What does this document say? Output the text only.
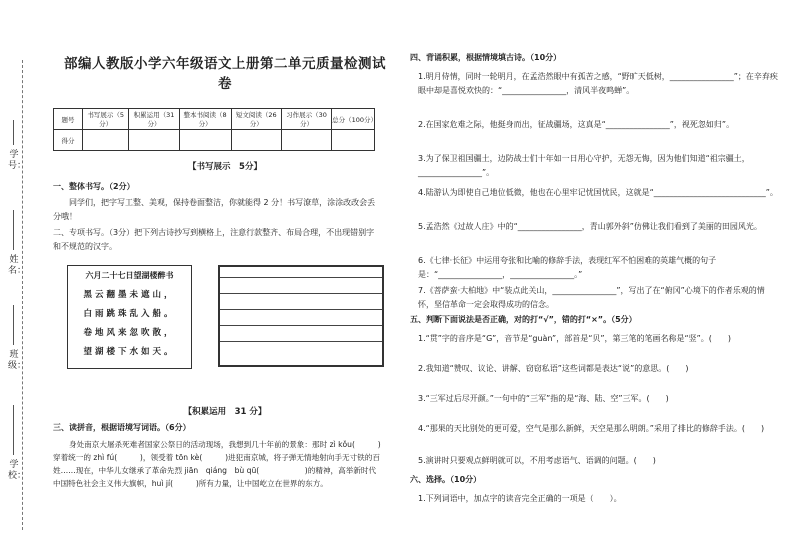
学号：
姓名：
班级：
学校：
部编人教版小学六年级语文上册第二单元质量检测试卷
题号	书写展示（5分）	积累运用（31分）	整本书阅读（8分）	短文阅读（26分）	习作展示（30分）	总分（100分）
得分						
【书写展示　5分】
一、整体书写。（2分）
同学们，把字写工整、美观，保持卷面整洁，你就能得 2 分！书写潦草，涂涂改改会丢分哦！
二、专项书写。（3分）把下列古诗抄写到横格上，注意行款整齐、布局合理，不出现错别字和不规范的汉字。
六月二十七日望湖楼醉书
黑云翻墨未遮山，
白雨跳珠乱入船。
卷地风来忽吹散，
望湖楼下水如天。
【积累运用　31 分】
三、读拼音，根据语境写词语。（6分）
身处南京大屠杀死难者国家公祭日的活动现场，我想到几十年前的景象：那时 zì kǒu(　　　)穿着统一的 zhì fú(　　　)，领受着 tōn kè(　　　)进犯南京城，将子弹无情地射向手无寸铁的百姓……现在，中华儿女继承了革命先烈 jiān　qiáng　bù qū(　　　　　　)的精神，高举新时代中国特色社会主义伟大旗帜，huì jí(　　　)所有力量，让中国屹立在世界的东方。
四、背诵积累，根据情境填古诗。（10分）
1.明月侍情，同时一轮明月，在孟浩然眼中有孤苦之感，“野旷天低树，________________”；在辛弃疾眼中却是喜悦欢快的：“________________，清风半夜鸣蝉”。
2.在国家危难之际，他挺身而出，征战疆场，这真是“________________”，视死忽如归”。
3.为了保卫祖国疆土，边防战士们十年如一日用心守护，无怨无悔，因为他们知道“祖宗疆土，________________”。
4.陆游认为即使自己地位低微，他也在心里牢记忧国忧民，这就是“____________________________”。
5.孟浩然《过故人庄》中的“________________，青山郭外斜”仿佛让我们看到了美丽的田园风光。
6.《七律·长征》中运用夸张和比喻的修辞手法，表现红军不怕困难的英雄气概的句子是：“________________，________________。”
7.《菩萨蛮·大柏地》中“装点此关山，________________”，写出了在“俯冈”心境下的作者乐观的情怀，坚信革命一定会取得成功的信念。
五、判断下面说法是否正确，对的打“√”，错的打“×”。（5分）
1.“贯”字的音序是“G”，音节是“guàn”，部首是“贝”，第三笔的笔画名称是“竖”。(　　)
2.我知道“赞叹、议论、讲解、窃窃私语”这些词都是表达“说”的意思。(　　)
3.“三军过后尽开颜。”一句中的“三军”指的是“海、陆、空”三军。(　　)
4.“那果的天比别处的更可爱，空气是那么新鲜，天空是那么明朗。”采用了排比的修辞手法。(　　)
5.演讲时只要观点鲜明就可以，不用考虑语气、语调的问题。(　　)
六、选择。（10分）
1.下列词语中，加点字的读音完全正确的一项是（　　）。
